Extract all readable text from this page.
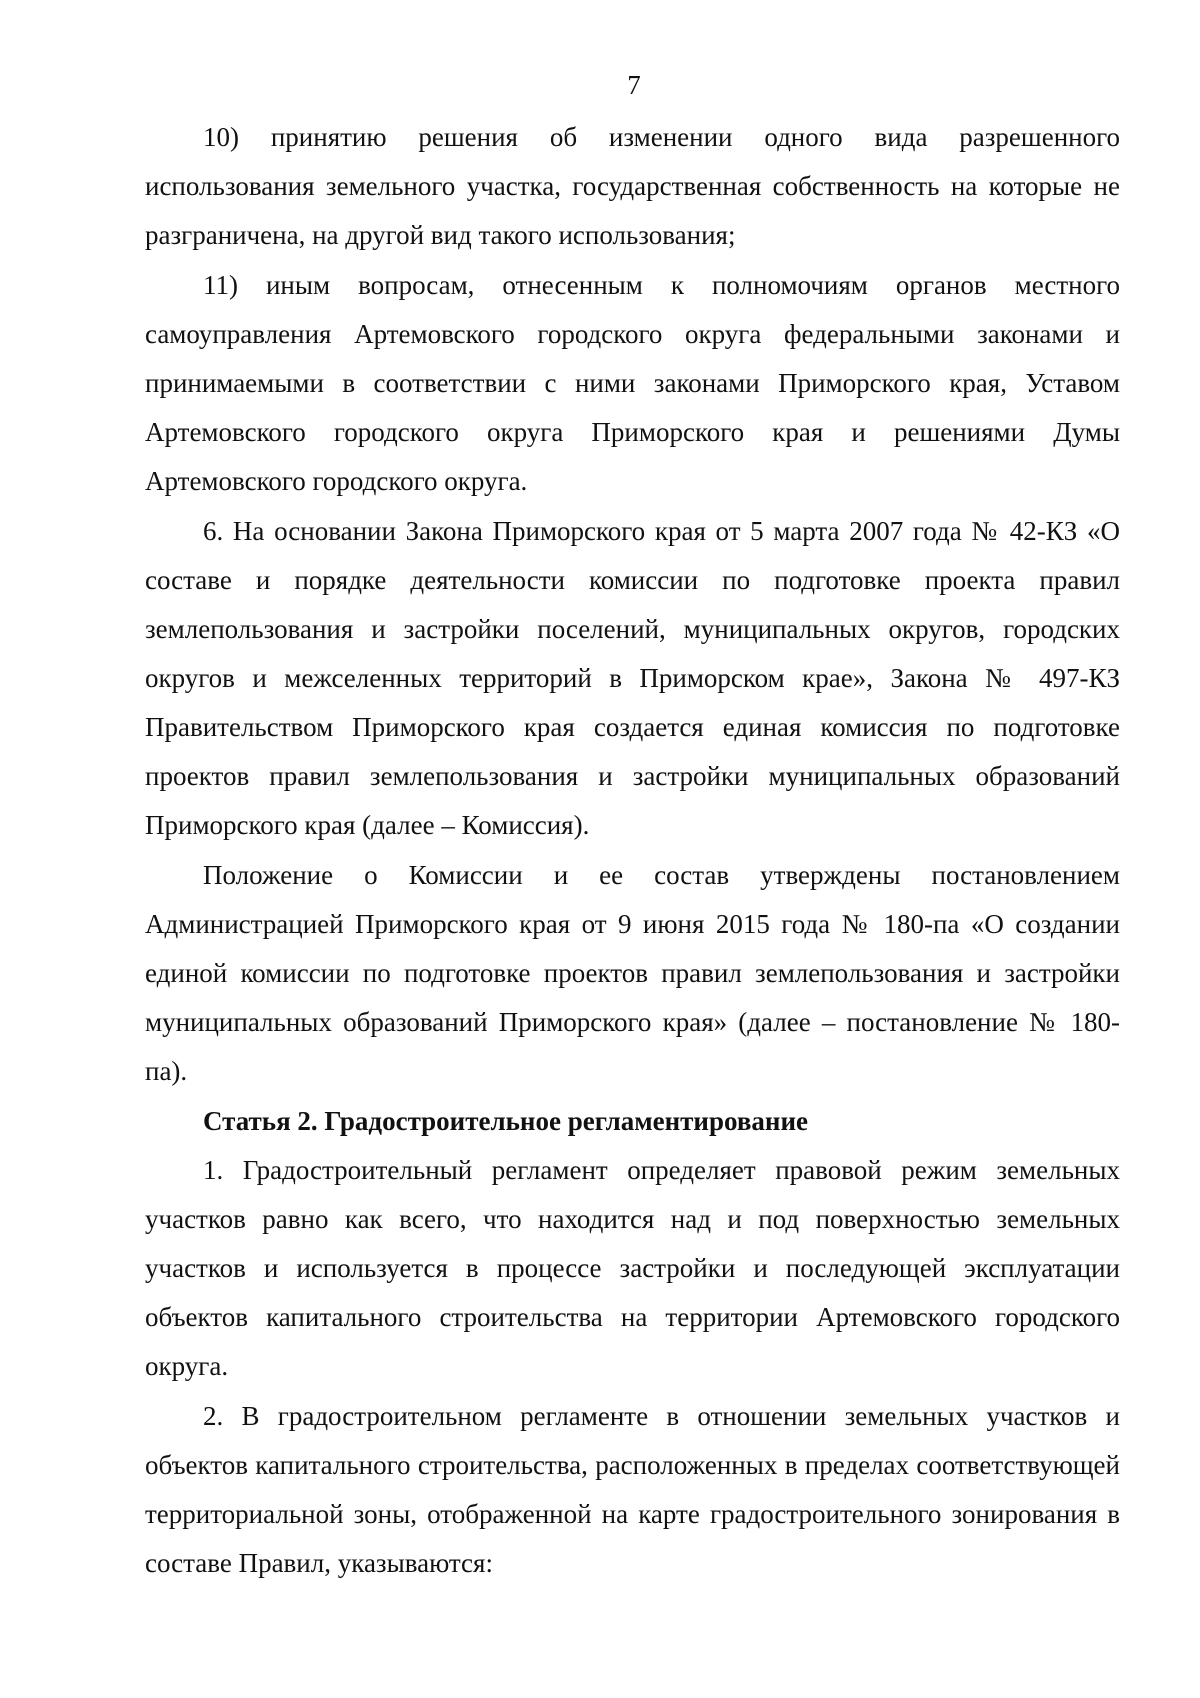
7

10) принятию решения об изменении одного вида разрешенного использования земельного участка, государственная собственность на которые не разграничена, на другой вид такого использования;

11) иным вопросам, отнесенным к полномочиям органов местного самоуправления Артемовского городского округа федеральными законами и принимаемыми в соответствии с ними законами Приморского края, Уставом Артемовского городского округа Приморского края и решениями Думы Артемовского городского округа.

6. На основании Закона Приморского края от 5 марта 2007 года № 42-КЗ «О составе и порядке деятельности комиссии по подготовке проекта правил землепользования и застройки поселений, муниципальных округов, городских округов и межселенных территорий в Приморском крае», Закона № 497-КЗ Правительством Приморского края создается единая комиссия по подготовке проектов правил землепользования и застройки муниципальных образований Приморского края (далее – Комиссия).

Положение о Комиссии и ее состав утверждены постановлением Администрацией Приморского края от 9 июня 2015 года № 180-па «О создании единой комиссии по подготовке проектов правил землепользования и застройки муниципальных образований Приморского края» (далее – постановление № 180-па).

Статья 2. Градостроительное регламентирование

1. Градостроительный регламент определяет правовой режим земельных участков равно как всего, что находится над и под поверхностью земельных участков и используется в процессе застройки и последующей эксплуатации объектов капитального строительства на территории Артемовского городского округа.

2. В градостроительном регламенте в отношении земельных участков и объектов капитального строительства, расположенных в пределах соответствующей территориальной зоны, отображенной на карте градостроительного зонирования в составе Правил, указываются:
